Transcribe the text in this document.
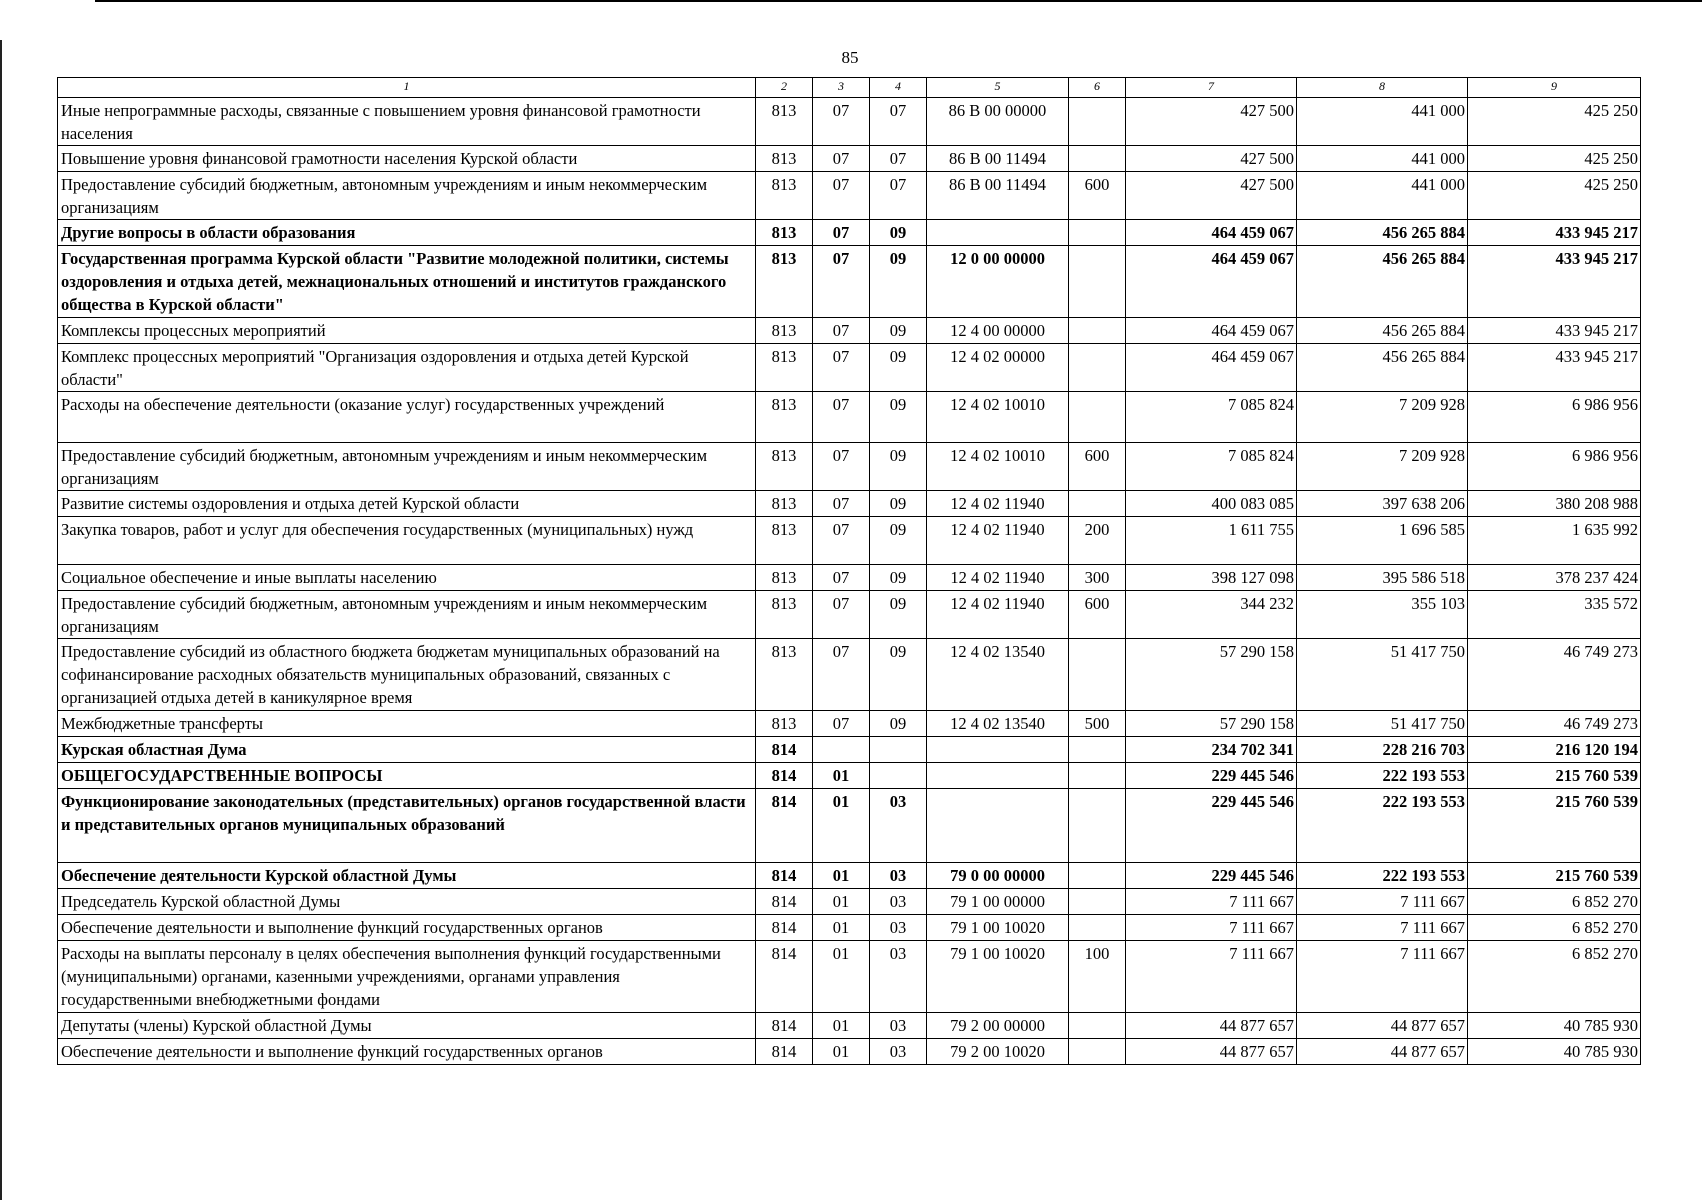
85
1	2	3	4	5	6	7	8	9
Иные непрограммные расходы, связанные с повышением уровня финансовой грамотности населения	813	07	07	86 В 00 00000		427 500	441 000	425 250
Повышение уровня финансовой грамотности населения Курской области	813	07	07	86 В 00 11494		427 500	441 000	425 250
Предоставление субсидий бюджетным, автономным учреждениям и иным некоммерческим организациям	813	07	07	86 В 00 11494	600	427 500	441 000	425 250
Другие вопросы в области образования	813	07	09			464 459 067	456 265 884	433 945 217
Государственная программа Курской области "Развитие молодежной политики, системы оздоровления и отдыха детей, межнациональных отношений и институтов гражданского общества в Курской области"	813	07	09	12 0 00 00000		464 459 067	456 265 884	433 945 217
Комплексы процессных мероприятий	813	07	09	12 4 00 00000		464 459 067	456 265 884	433 945 217
Комплекс процессных мероприятий "Организация оздоровления и отдыха детей Курской области"	813	07	09	12 4 02 00000		464 459 067	456 265 884	433 945 217
Расходы на обеспечение деятельности (оказание услуг) государственных учреждений	813	07	09	12 4 02 10010		7 085 824	7 209 928	6 986 956
Предоставление субсидий бюджетным, автономным учреждениям и иным некоммерческим организациям	813	07	09	12 4 02 10010	600	7 085 824	7 209 928	6 986 956
Развитие системы оздоровления и отдыха детей Курской области	813	07	09	12 4 02 11940		400 083 085	397 638 206	380 208 988
Закупка товаров, работ и услуг для обеспечения государственных (муниципальных) нужд	813	07	09	12 4 02 11940	200	1 611 755	1 696 585	1 635 992
Социальное обеспечение и иные выплаты населению	813	07	09	12 4 02 11940	300	398 127 098	395 586 518	378 237 424
Предоставление субсидий бюджетным, автономным учреждениям и иным некоммерческим организациям	813	07	09	12 4 02 11940	600	344 232	355 103	335 572
Предоставление субсидий из областного бюджета бюджетам муниципальных образований на софинансирование расходных обязательств муниципальных образований, связанных с организацией отдыха детей в каникулярное время	813	07	09	12 4 02 13540		57 290 158	51 417 750	46 749 273
Межбюджетные трансферты	813	07	09	12 4 02 13540	500	57 290 158	51 417 750	46 749 273
Курская областная Дума	814					234 702 341	228 216 703	216 120 194
ОБЩЕГОСУДАРСТВЕННЫЕ ВОПРОСЫ	814	01				229 445 546	222 193 553	215 760 539
Функционирование законодательных (представительных) органов государственной власти и представительных органов муниципальных образований	814	01	03			229 445 546	222 193 553	215 760 539
Обеспечение деятельности Курской областной Думы	814	01	03	79 0 00 00000		229 445 546	222 193 553	215 760 539
Председатель Курской областной Думы	814	01	03	79 1 00 00000		7 111 667	7 111 667	6 852 270
Обеспечение деятельности и выполнение функций государственных органов	814	01	03	79 1 00 10020		7 111 667	7 111 667	6 852 270
Расходы на выплаты персоналу в целях обеспечения выполнения функций государственными (муниципальными) органами, казенными учреждениями, органами управления государственными внебюджетными фондами	814	01	03	79 1 00 10020	100	7 111 667	7 111 667	6 852 270
Депутаты (члены) Курской областной Думы	814	01	03	79 2 00 00000		44 877 657	44 877 657	40 785 930
Обеспечение деятельности и выполнение функций государственных органов	814	01	03	79 2 00 10020		44 877 657	44 877 657	40 785 930
